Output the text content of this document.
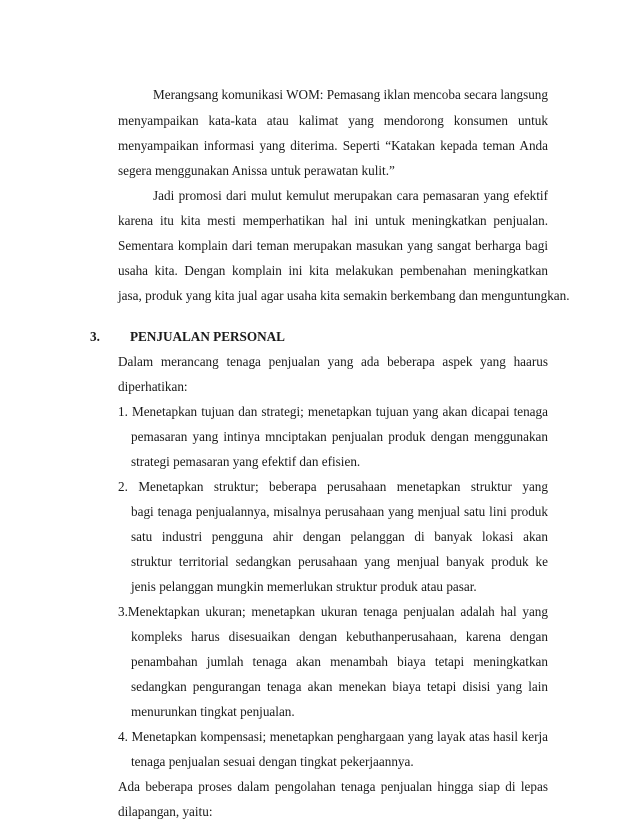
Merangsang komunikasi WOM: Pemasang iklan mencoba secara langsung
menyampaikan kata-kata atau kalimat yang mendorong konsumen untuk
menyampaikan informasi yang diterima. Seperti “Katakan kepada teman Anda
segera menggunakan Anissa untuk perawatan kulit.”
Jadi promosi dari mulut kemulut merupakan cara pemasaran yang efektif
karena itu kita mesti memperhatikan hal ini untuk meningkatkan penjualan.
Sementara komplain dari teman merupakan masukan yang sangat berharga bagi
usaha kita. Dengan komplain ini kita melakukan pembenahan meningkatkan
jasa, produk yang kita jual agar usaha kita semakin berkembang dan menguntungkan.
3. PENJUALAN PERSONAL
Dalam merancang tenaga penjualan yang ada beberapa aspek yang haarus
diperhatikan:
1. Menetapkan tujuan dan strategi; menetapkan tujuan yang akan dicapai tenaga
pemasaran yang intinya mnciptakan penjualan produk dengan menggunakan
strategi pemasaran yang efektif dan efisien.
2. Menetapkan struktur; beberapa perusahaan menetapkan struktur yang
bagi tenaga penjualannya, misalnya perusahaan yang menjual satu lini produk
satu industri pengguna ahir dengan pelanggan di banyak lokasi akan
struktur territorial sedangkan perusahaan yang menjual banyak produk ke
jenis pelanggan mungkin memerlukan struktur produk atau pasar.
3.Menektapkan ukuran; menetapkan ukuran tenaga penjualan adalah hal yang
kompleks harus disesuaikan dengan kebuthanperusahaan, karena dengan
penambahan jumlah tenaga akan menambah biaya tetapi meningkatkan
sedangkan pengurangan tenaga akan menekan biaya tetapi disisi yang lain
menurunkan tingkat penjualan.
4. Menetapkan kompensasi; menetapkan penghargaan yang layak atas hasil kerja
tenaga penjualan sesuai dengan tingkat pekerjaannya.
Ada beberapa proses dalam pengolahan tenaga penjualan hingga siap di lepas
dilapangan, yaitu:
